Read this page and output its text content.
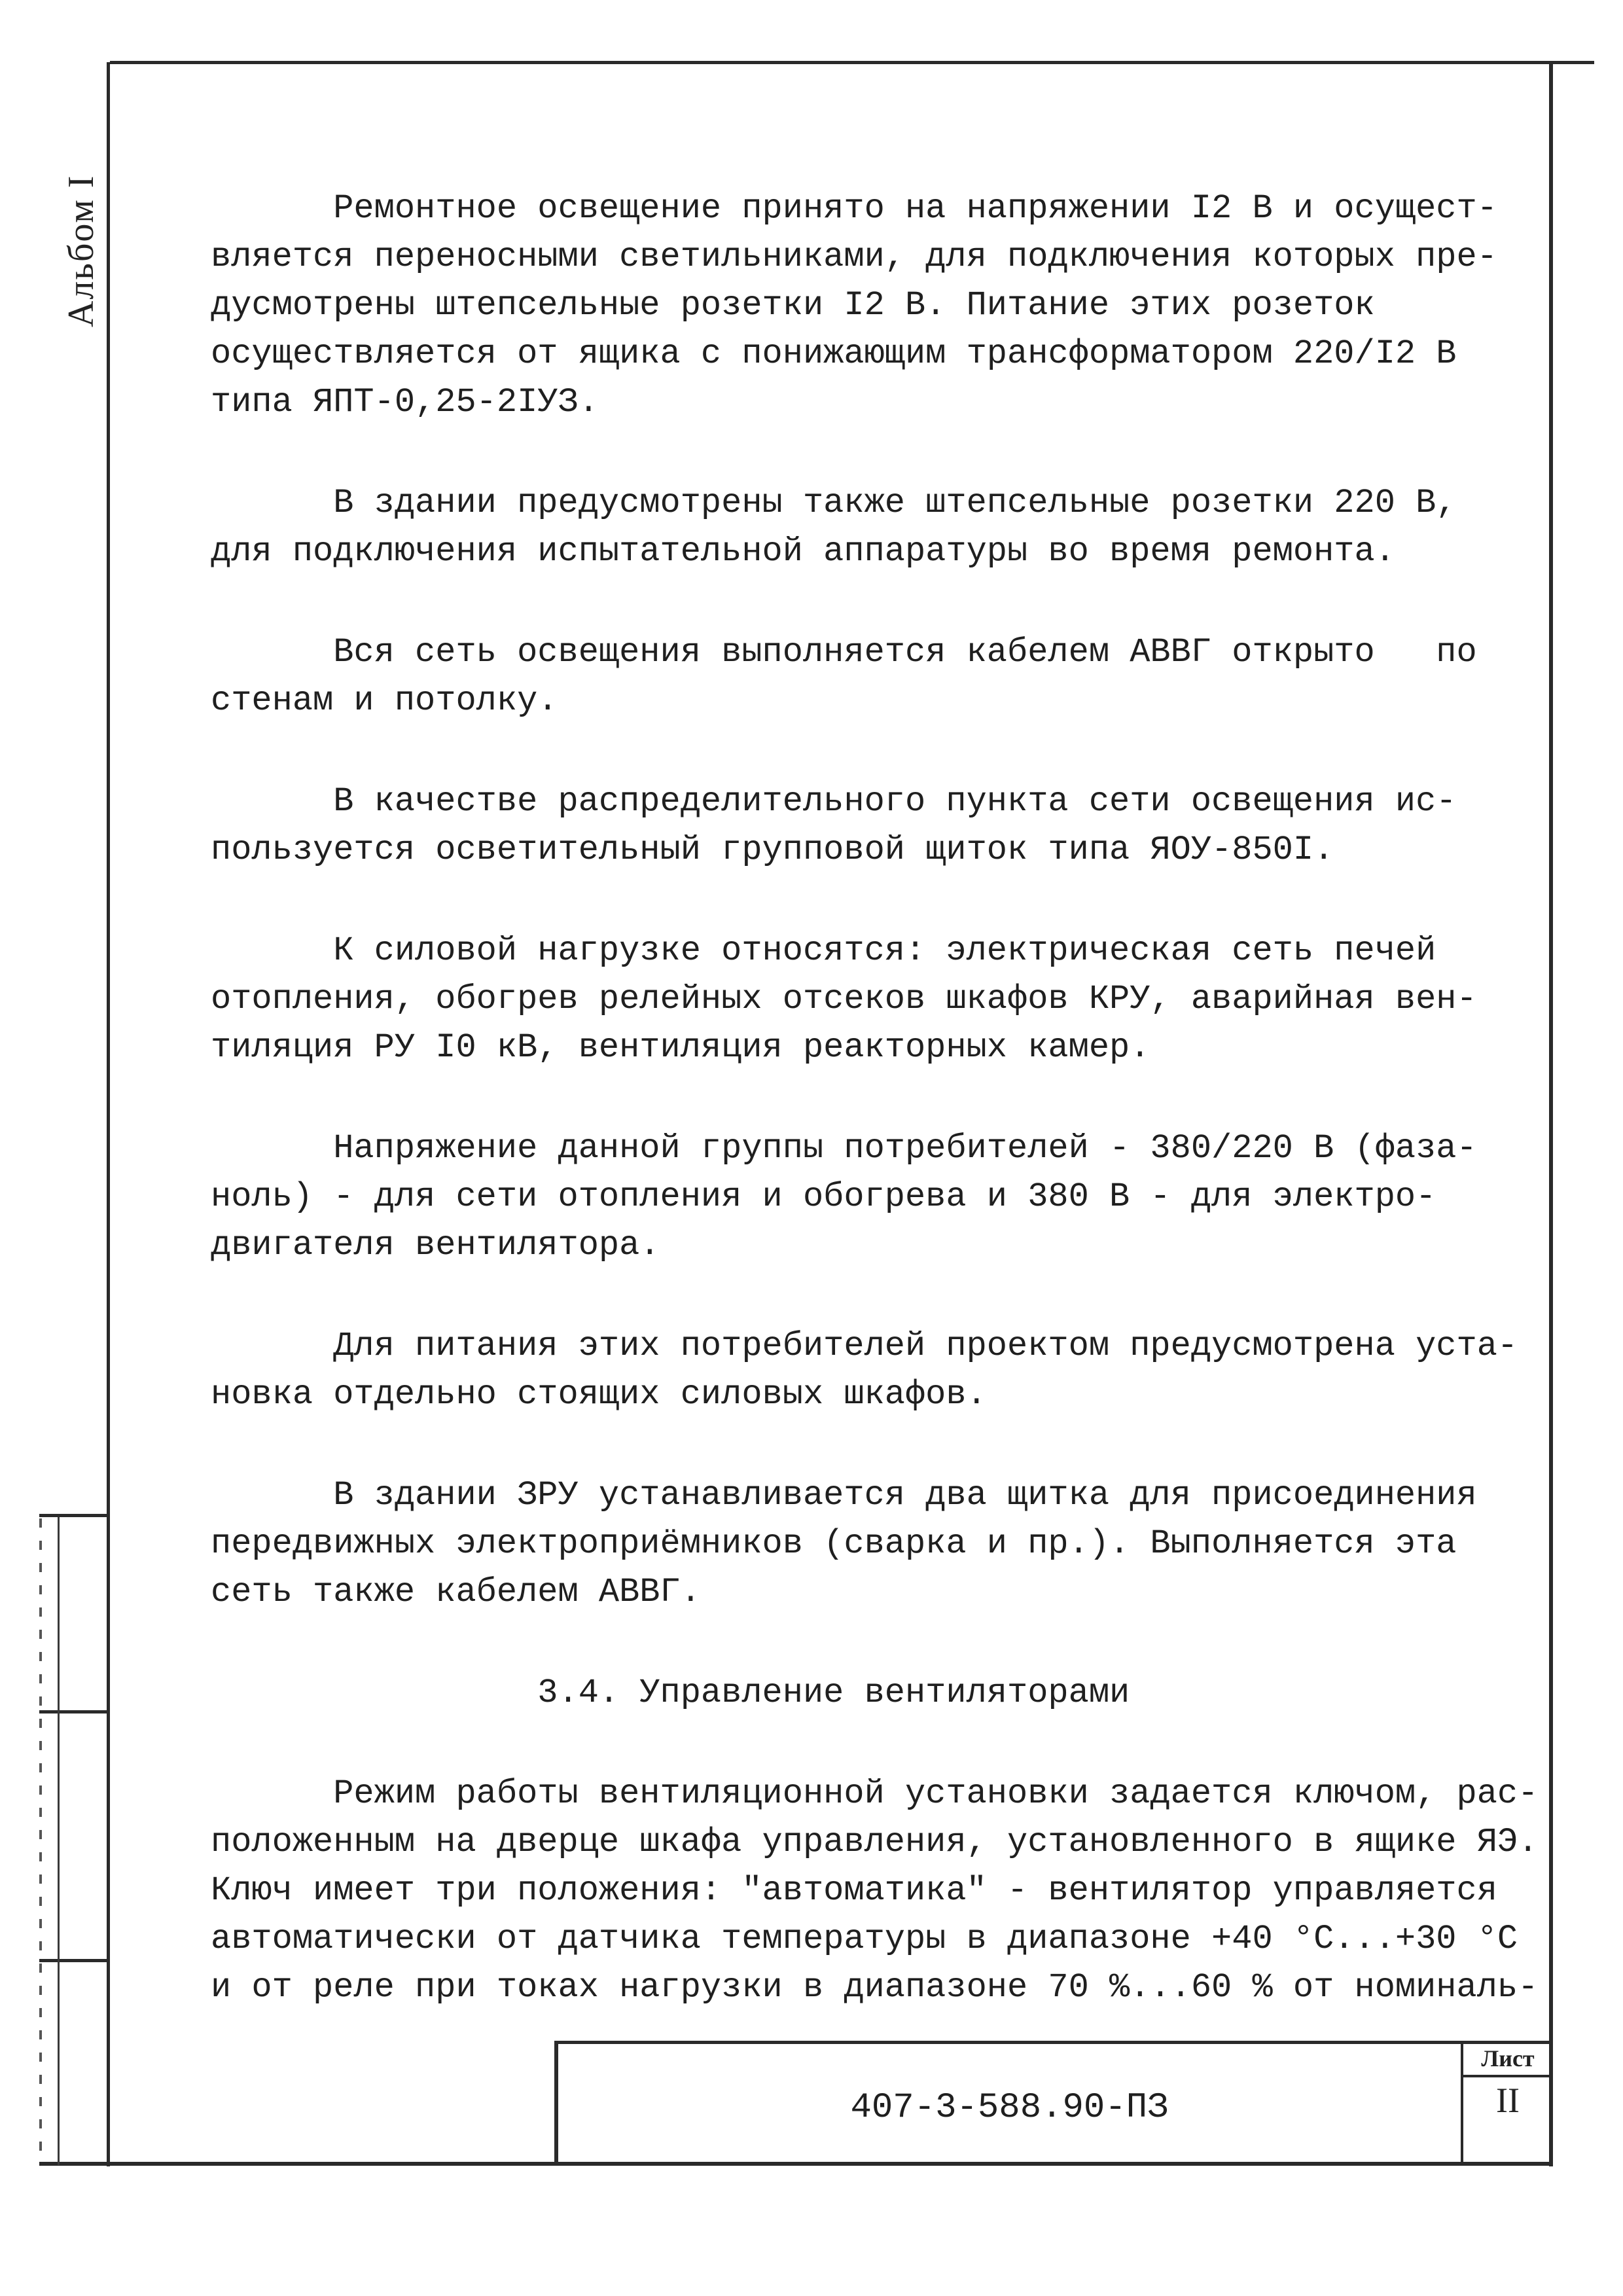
Альбом I	Ремонтное освещение принято на напряжении I2 В и осущест-
вляется переносными светильниками, для подключения которых пре-
дусмотрены штепсельные розетки I2 В. Питание этих розеток
осуществляется от ящика с понижающим трансформатором 220/I2 В
типа ЯПТ-0,25-2IУЗ.

В здании предусмотрены также штепсельные розетки 220 В,
для подключения испытательной аппаратуры во время ремонта.

Вся сеть освещения выполняется кабелем АВВГ открыто   по
стенам и потолку.

В качестве распределительного пункта сети освещения ис-
пользуется осветительный групповой щиток типа ЯОУ-850I.

К силовой нагрузке относятся: электрическая сеть печей
отопления, обогрев релейных отсеков шкафов КРУ, аварийная вен-
тиляция РУ I0 кВ, вентиляция реакторных камер.

Напряжение данной группы потребителей - 380/220 В (фаза-
ноль) - для сети отопления и обогрева и 380 В - для электро-
двигателя вентилятора.

Для питания этих потребителей проектом предусмотрена уста-
новка отдельно стоящих силовых шкафов.

В здании ЗРУ устанавливается два щитка для присоединения
передвижных электроприёмников (сварка и пр.). Выполняется эта
сеть также кабелем АВВГ.

3.4. Управление вентиляторами

Режим работы вентиляционной установки задается ключом, рас-
положенным на дверце шкафа управления, установленного в ящике ЯЭ.
Ключ имеет три положения: "автоматика" - вентилятор управляется
автоматически от датчика температуры в диапазоне +40 °С...+30 °С
и от реле при токах нагрузки в диапазоне 70 %...60 % от номиналь-

407-3-588.90-ПЗ
Лист
II
